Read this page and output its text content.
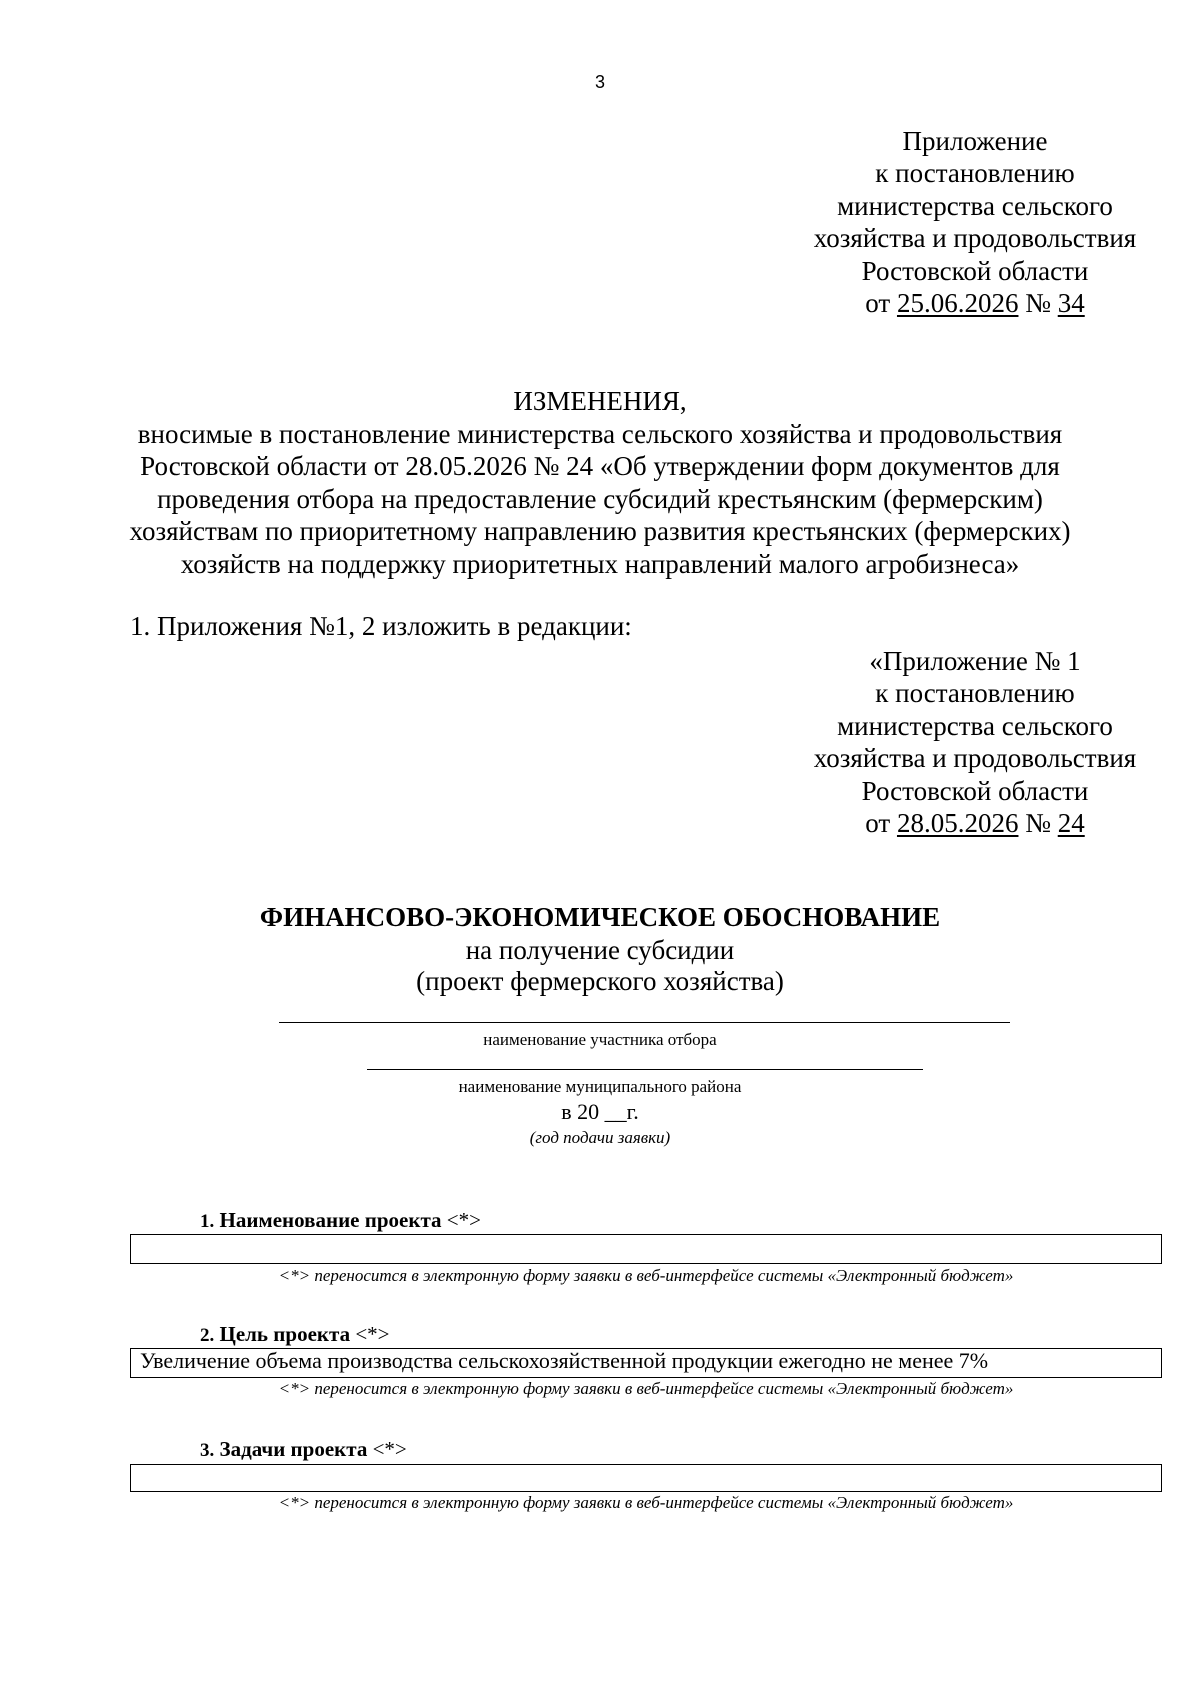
3
Приложение
к постановлению
министерства сельского
хозяйства и продовольствия
Ростовской области
от 25.06.2026 № 34
ИЗМЕНЕНИЯ,
вносимые в постановление министерства сельского хозяйства и продовольствия
Ростовской области от 28.05.2026 № 24 «Об утверждении форм документов для
проведения отбора на предоставление субсидий крестьянским (фермерским)
хозяйствам по приоритетному направлению развития крестьянских (фермерских)
хозяйств на поддержку приоритетных направлений малого агробизнеса»
1. Приложения №1, 2 изложить в редакции:
«Приложение № 1
к постановлению
министерства сельского
хозяйства и продовольствия
Ростовской области
от 28.05.2026 № 24
ФИНАНСОВО-ЭКОНОМИЧЕСКОЕ ОБОСНОВАНИЕ
на получение субсидии
(проект фермерского хозяйства)
наименование участника отбора
наименование муниципального района
в 20 __г.
(год подачи заявки)
1. Наименование проекта <*>
<*> переносится в электронную форму заявки в веб-интерфейсе системы «Электронный бюджет»
2. Цель проекта <*>
Увеличение объема производства сельскохозяйственной продукции ежегодно не менее 7%
<*> переносится в электронную форму заявки в веб-интерфейсе системы «Электронный бюджет»
3. Задачи проекта <*>
<*> переносится в электронную форму заявки в веб-интерфейсе системы «Электронный бюджет»
